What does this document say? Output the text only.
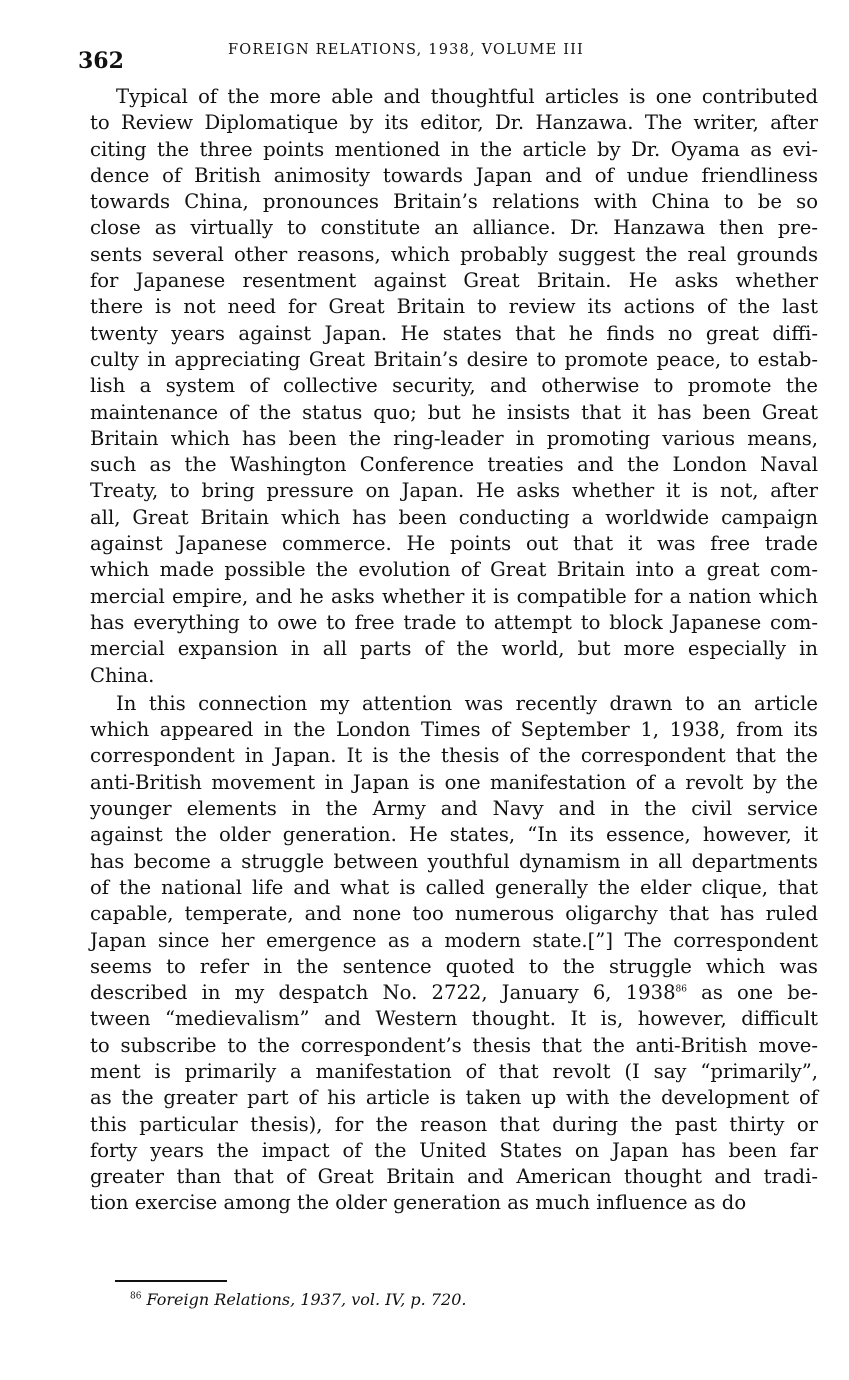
362	FOREIGN RELATIONS, 1938, VOLUME III
Typical of the more able and thoughtful articles is one contributed
to Review Diplomatique by its editor, Dr. Hanzawa. The writer, after
citing the three points mentioned in the article by Dr. Oyama as evi-
dence of British animosity towards Japan and of undue friendliness
towards China, pronounces Britain’s relations with China to be so
close as virtually to constitute an alliance. Dr. Hanzawa then pre-
sents several other reasons, which probably suggest the real grounds
for Japanese resentment against Great Britain. He asks whether
there is not need for Great Britain to review its actions of the last
twenty years against Japan. He states that he finds no great diffi-
culty in appreciating Great Britain’s desire to promote peace, to estab-
lish a system of collective security, and otherwise to promote the
maintenance of the status quo; but he insists that it has been Great
Britain which has been the ring-leader in promoting various means,
such as the Washington Conference treaties and the London Naval
Treaty, to bring pressure on Japan. He asks whether it is not, after
all, Great Britain which has been conducting a worldwide campaign
against Japanese commerce. He points out that it was free trade
which made possible the evolution of Great Britain into a great com-
mercial empire, and he asks whether it is compatible for a nation which
has everything to owe to free trade to attempt to block Japanese com-
mercial expansion in all parts of the world, but more especially in
China.
In this connection my attention was recently drawn to an article
which appeared in the London Times of September 1, 1938, from its
correspondent in Japan. It is the thesis of the correspondent that the
anti-British movement in Japan is one manifestation of a revolt by the
younger elements in the Army and Navy and in the civil service
against the older generation. He states, “In its essence, however, it
has become a struggle between youthful dynamism in all departments
of the national life and what is called generally the elder clique, that
capable, temperate, and none too numerous oligarchy that has ruled
Japan since her emergence as a modern state.[”] The correspondent
seems to refer in the sentence quoted to the struggle which was
described in my despatch No. 2722, January 6, 1938$^{86}$ as one be-
tween “medievalism” and Western thought. It is, however, difficult
to subscribe to the correspondent’s thesis that the anti-British move-
ment is primarily a manifestation of that revolt (I say “primarily”,
as the greater part of his article is taken up with the development of
this particular thesis), for the reason that during the past thirty or
forty years the impact of the United States on Japan has been far
greater than that of Great Britain and American thought and tradi-
tion exercise among the older generation as much influence as do
$^{86}$ Foreign Relations, 1937, vol. IV, p. 720.
